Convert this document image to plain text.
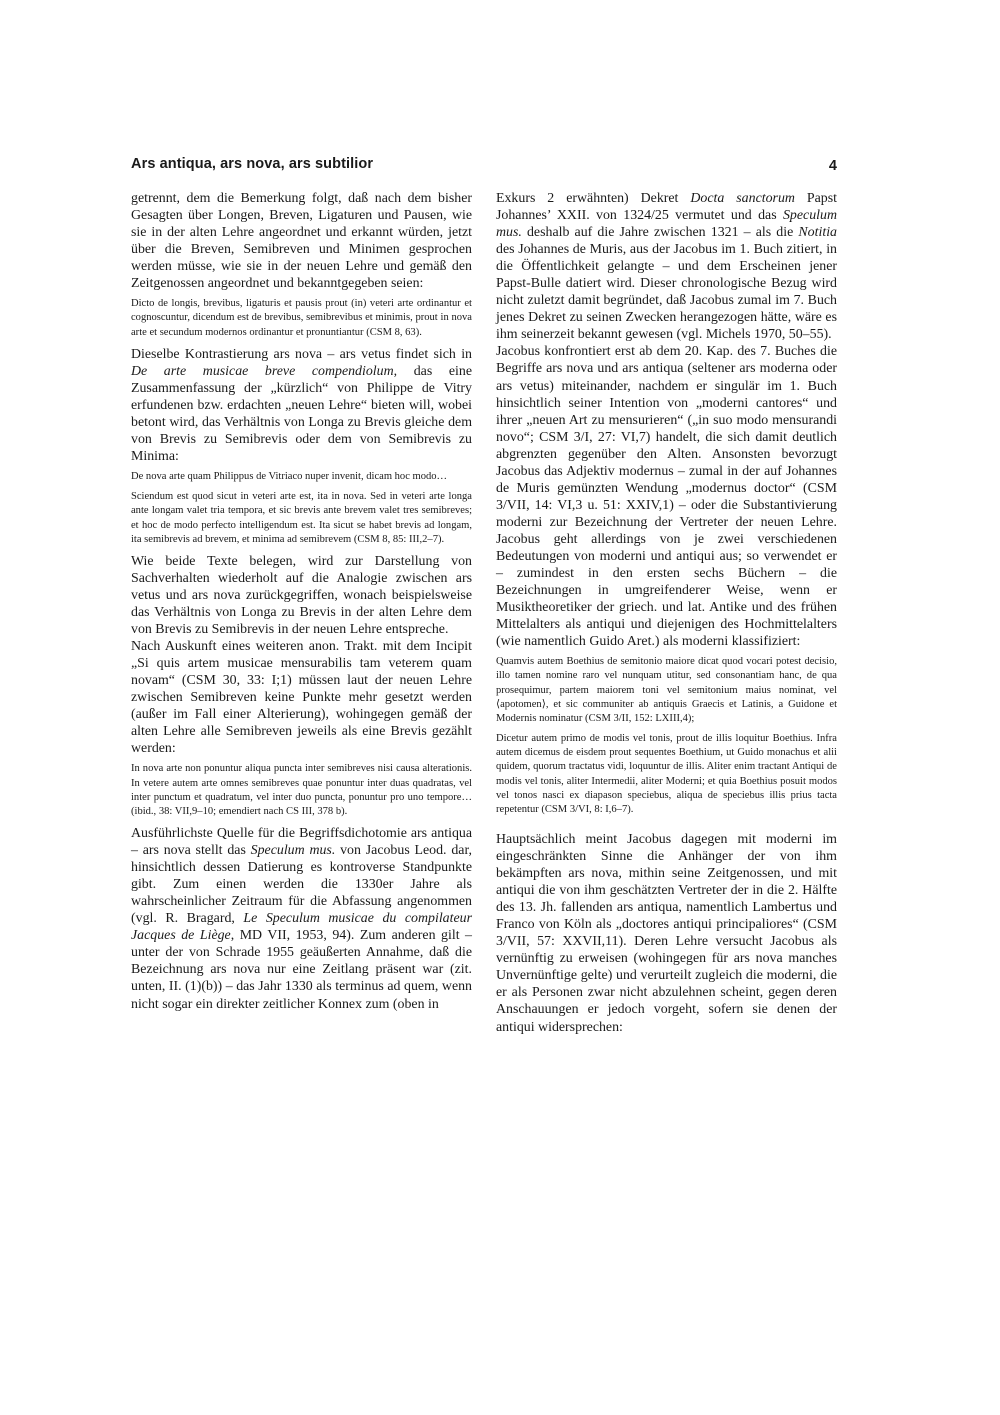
Ars antiqua, ars nova, ars subtilior	4

getrennt, dem die Bemerkung folgt, daß nach dem bisher Gesagten über Longen, Breven, Ligaturen und Pausen, wie sie in der alten Lehre angeordnet und erkannt würden, jetzt über die Breven, Semibreven und Minimen gesprochen werden müsse, wie sie in der neuen Lehre und gemäß den Zeitgenossen angeordnet und bekanntgegeben seien:

Dicto de longis, brevibus, ligaturis et pausis prout (in) veteri arte ordinantur et cognoscuntur, dicendum est de brevibus, semibrevibus et minimis, prout in nova arte et secundum modernos ordinantur et pronuntiantur (CSM 8, 63).

Dieselbe Kontrastierung ars nova – ars vetus findet sich in De arte musicae breve compendiolum, das eine Zusammenfassung der „kürzlich“ von Philippe de Vitry erfundenen bzw. erdachten „neuen Lehre“ bieten will, wobei betont wird, das Verhältnis von Longa zu Brevis gleiche dem von Brevis zu Semibrevis oder dem von Semibrevis zu Minima:

De nova arte quam Philippus de Vitriaco nuper invenit, dicam hoc modo…

Sciendum est quod sicut in veteri arte est, ita in nova. Sed in veteri arte longa ante longam valet tria tempora, et sic brevis ante brevem valet tres semibreves; et hoc de modo perfecto intelligendum est. Ita sicut se habet brevis ad longam, ita semibrevis ad brevem, et minima ad semibrevem (CSM 8, 85: III,2–7).

Wie beide Texte belegen, wird zur Darstellung von Sachverhalten wiederholt auf die Analogie zwischen ars vetus und ars nova zurückgegriffen, wonach beispielsweise das Verhältnis von Longa zu Brevis in der alten Lehre dem von Brevis zu Semibrevis in der neuen Lehre entspreche.

Nach Auskunft eines weiteren anon. Trakt. mit dem Incipit „Si quis artem musicae mensurabilis tam veterem quam novam“ (CSM 30, 33: I;1) müssen laut der neuen Lehre zwischen Semibreven keine Punkte mehr gesetzt werden (außer im Fall einer Alterierung), wohingegen gemäß der alten Lehre alle Semibreven jeweils als eine Brevis gezählt werden:

In nova arte non ponuntur aliqua puncta inter semibreves nisi causa alterationis. In vetere autem arte omnes semibreves quae ponuntur inter duas quadratas, vel inter punctum et quadratum, vel inter duo puncta, ponuntur pro uno tempore… (ibid., 38: VII,9–10; emendiert nach CS III, 378 b).

Ausführlichste Quelle für die Begriffsdichotomie ars antiqua – ars nova stellt das Speculum mus. von Jacobus Leod. dar, hinsichtlich dessen Datierung es kontroverse Standpunkte gibt. Zum einen werden die 1330er Jahre als wahrscheinlicher Zeitraum für die Abfassung angenommen (vgl. R. Bragard, Le Speculum musicae du compilateur Jacques de Liège, MD VII, 1953, 94). Zum anderen gilt – unter der von Schrade 1955 geäußerten Annahme, daß die Bezeichnung ars nova nur eine Zeitlang präsent war (zit. unten, II. (1)(b)) – das Jahr 1330 als terminus ad quem, wenn nicht sogar ein direkter zeitlicher Konnex zum (oben in

Exkurs 2 erwähnten) Dekret Docta sanctorum Papst Johannes’ XXII. von 1324/25 vermutet und das Speculum mus. deshalb auf die Jahre zwischen 1321 – als die Notitia des Johannes de Muris, aus der Jacobus im 1. Buch zitiert, in die Öffentlichkeit gelangte – und dem Erscheinen jener Papst-Bulle datiert wird. Dieser chronologische Bezug wird nicht zuletzt damit begründet, daß Jacobus zumal im 7. Buch jenes Dekret zu seinen Zwecken herangezogen hätte, wäre es ihm seinerzeit bekannt gewesen (vgl. Michels 1970, 50–55).

Jacobus konfrontiert erst ab dem 20. Kap. des 7. Buches die Begriffe ars nova und ars antiqua (seltener ars moderna oder ars vetus) miteinander, nachdem er singulär im 1. Buch hinsichtlich seiner Intention von „moderni cantores“ und ihrer „neuen Art zu mensurieren“ („in suo modo mensurandi novo“; CSM 3/I, 27: VI,7) handelt, die sich damit deutlich abgrenzten gegenüber den Alten. Ansonsten bevorzugt Jacobus das Adjektiv modernus – zumal in der auf Johannes de Muris gemünzten Wendung „modernus doctor“ (CSM 3/VII, 14: VI,3 u. 51: XXIV,1) – oder die Substantivierung moderni zur Bezeichnung der Vertreter der neuen Lehre. Jacobus geht allerdings von je zwei verschiedenen Bedeutungen von moderni und antiqui aus; so verwendet er – zumindest in den ersten sechs Büchern – die Bezeichnungen in umgreifenderer Weise, wenn er Musiktheoretiker der griech. und lat. Antike und des frühen Mittelalters als antiqui und diejenigen des Hochmittelalters (wie namentlich Guido Aret.) als moderni klassifiziert:

Quamvis autem Boethius de semitonio maiore dicat quod vocari potest decisio, illo tamen nomine raro vel nunquam utitur, sed consonantiam hanc, de qua prosequimur, partem maiorem toni vel semitonium maius nominat, vel ⟨apotomen⟩, et sic communiter ab antiquis Graecis et Latinis, a Guidone et Modernis nominatur (CSM 3/II, 152: LXIII,4);

Dicetur autem primo de modis vel tonis, prout de illis loquitur Boethius. Infra autem dicemus de eisdem prout sequentes Boethium, ut Guido monachus et alii quidem, quorum tractatus vidi, loquuntur de illis. Aliter enim tractant Antiqui de modis vel tonis, aliter Intermedii, aliter Moderni; et quia Boethius posuit modos vel tonos nasci ex diapason speciebus, aliqua de speciebus illis prius tacta repetentur (CSM 3/VI, 8: I,6–7).

Hauptsächlich meint Jacobus dagegen mit moderni im eingeschränkten Sinne die Anhänger der von ihm bekämpften ars nova, mithin seine Zeitgenossen, und mit antiqui die von ihm geschätzten Vertreter der in die 2. Hälfte des 13. Jh. fallenden ars antiqua, namentlich Lambertus und Franco von Köln als „doctores antiqui principaliores“ (CSM 3/VII, 57: XXVII,11). Deren Lehre versucht Jacobus als vernünftig zu erweisen (wohingegen für ars nova manches Unvernünftige gelte) und verurteilt zugleich die moderni, die er als Personen zwar nicht abzulehnen scheint, gegen deren Anschauungen er jedoch vorgeht, sofern sie denen der antiqui widersprechen:
